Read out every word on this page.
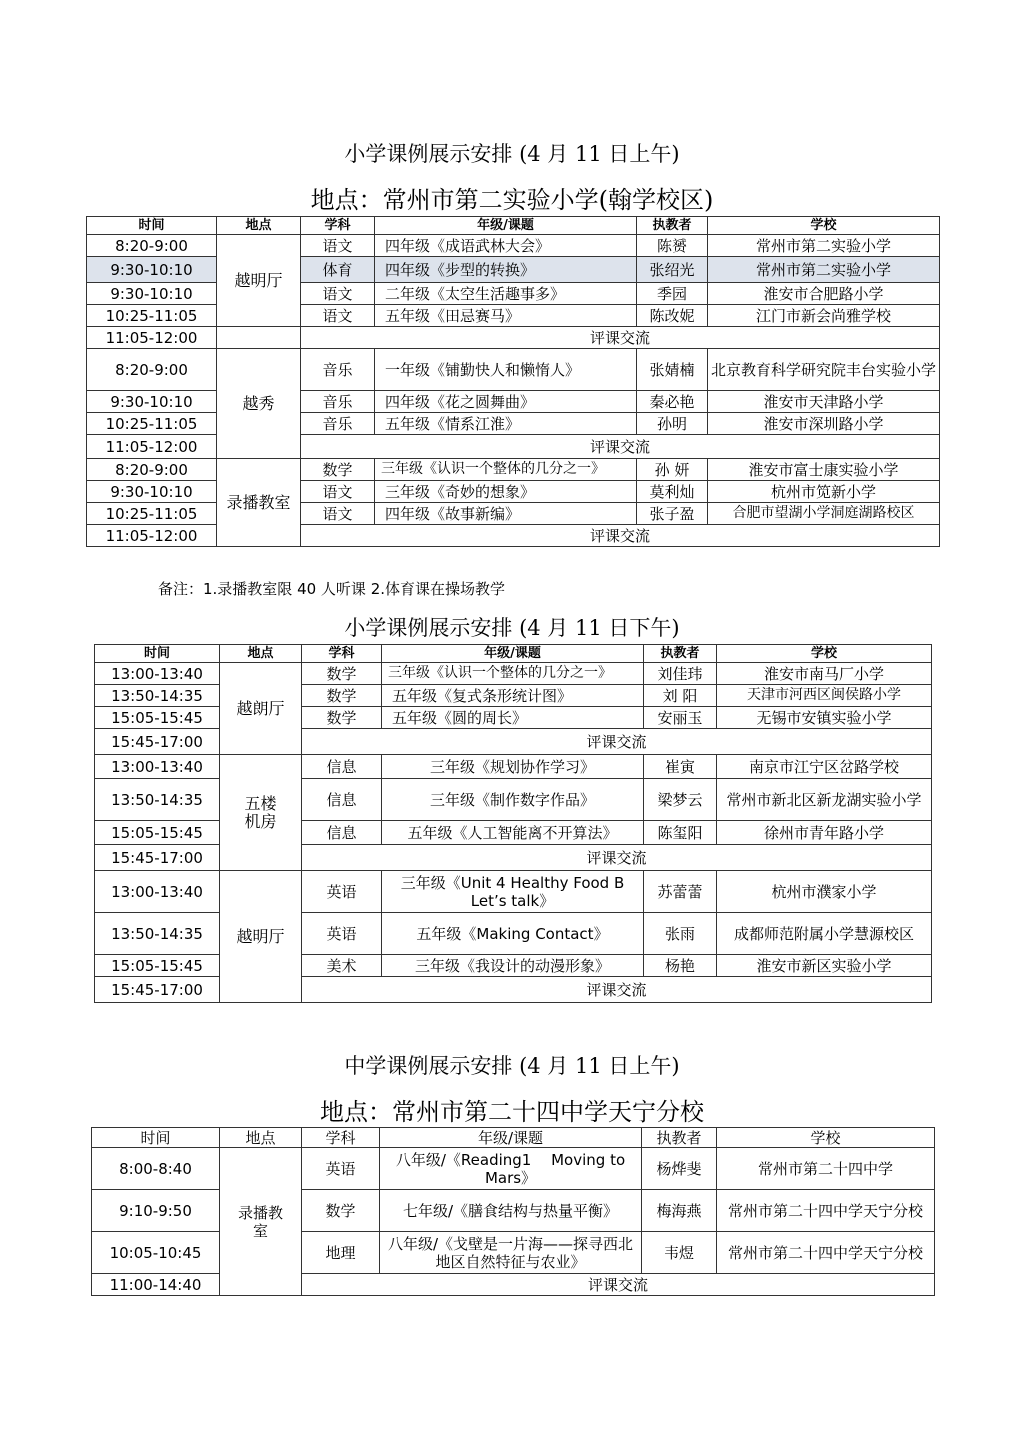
小学课例展示安排 (4 月 11 日上午)
地点：常州市第二实验小学(翰学校区)
时间	地点	学科	年级/课题	执教者	学校
8:20-9:00	越明厅	语文	四年级《成语武林大会》	陈赟	常州市第二实验小学
9:30-10:10		体育	四年级《步型的转换》	张绍光	常州市第二实验小学
9:30-10:10		语文	二年级《太空生活趣事多》	季园	淮安市合肥路小学
10:25-11:05		语文	五年级《田忌赛马》	陈改妮	江门市新会尚雅学校
11:05-12:00		评课交流			
8:20-9:00	越秀	音乐	一年级《铺勤快人和懒惰人》	张婧楠	北京教育科学研究院丰台实验小学
9:30-10:10		音乐	四年级《花之圆舞曲》	秦必艳	淮安市天津路小学
10:25-11:05		音乐	五年级《情系江淮》	孙明	淮安市深圳路小学
11:05-12:00		评课交流			
8:20-9:00	录播教室	数学	三年级《认识一个整体的几分之一》	孙 妍	淮安市富士康实验小学
9:30-10:10		语文	三年级《奇妙的想象》	莫利灿	杭州市笕新小学
10:25-11:05		语文	四年级《故事新编》	张子盈	合肥市望湖小学洞庭湖路校区
11:05-12:00		评课交流			
备注：1.录播教室限 40 人听课 2.体育课在操场教学
小学课例展示安排 (4 月 11 日下午)
时间	地点	学科	年级/课题	执教者	学校
13:00-13:40	越朗厅	数学	三年级《认识一个整体的几分之一》	刘佳玮	淮安市南马厂小学
13:50-14:35		数学	五年级《复式条形统计图》	刘 阳	天津市河西区闽侯路小学
15:05-15:45		数学	五年级《圆的周长》	安丽玉	无锡市安镇实验小学
15:45-17:00		评课交流			
13:00-13:40	五楼机房	信息	三年级《规划协作学习》	崔寅	南京市江宁区岔路学校
13:50-14:35		信息	三年级《制作数字作品》	梁梦云	常州市新北区新龙湖实验小学
15:05-15:45		信息	五年级《人工智能离不开算法》	陈玺阳	徐州市青年路小学
15:45-17:00		评课交流			
13:00-13:40	越明厅	英语	三年级《Unit 4 Healthy Food B Let’s talk》	苏蕾蕾	杭州市濮家小学
13:50-14:35		英语	五年级《Making Contact》	张雨	成都师范附属小学慧源校区
15:05-15:45		美术	三年级《我设计的动漫形象》	杨艳	淮安市新区实验小学
15:45-17:00		评课交流			
中学课例展示安排 (4 月 11 日上午)
地点：常州市第二十四中学天宁分校
时间	地点	学科	年级/课题	执教者	学校
8:00-8:40	录播教室	英语	八年级/《Reading1　 Moving to Mars》	杨烨斐	常州市第二十四中学
9:10-9:50		数学	七年级/《膳食结构与热量平衡》	梅海燕	常州市第二十四中学天宁分校
10:05-10:45		地理	八年级/《戈壁是一片海——探寻西北地区自然特征与农业》	韦煜	常州市第二十四中学天宁分校
11:00-14:40		评课交流			
